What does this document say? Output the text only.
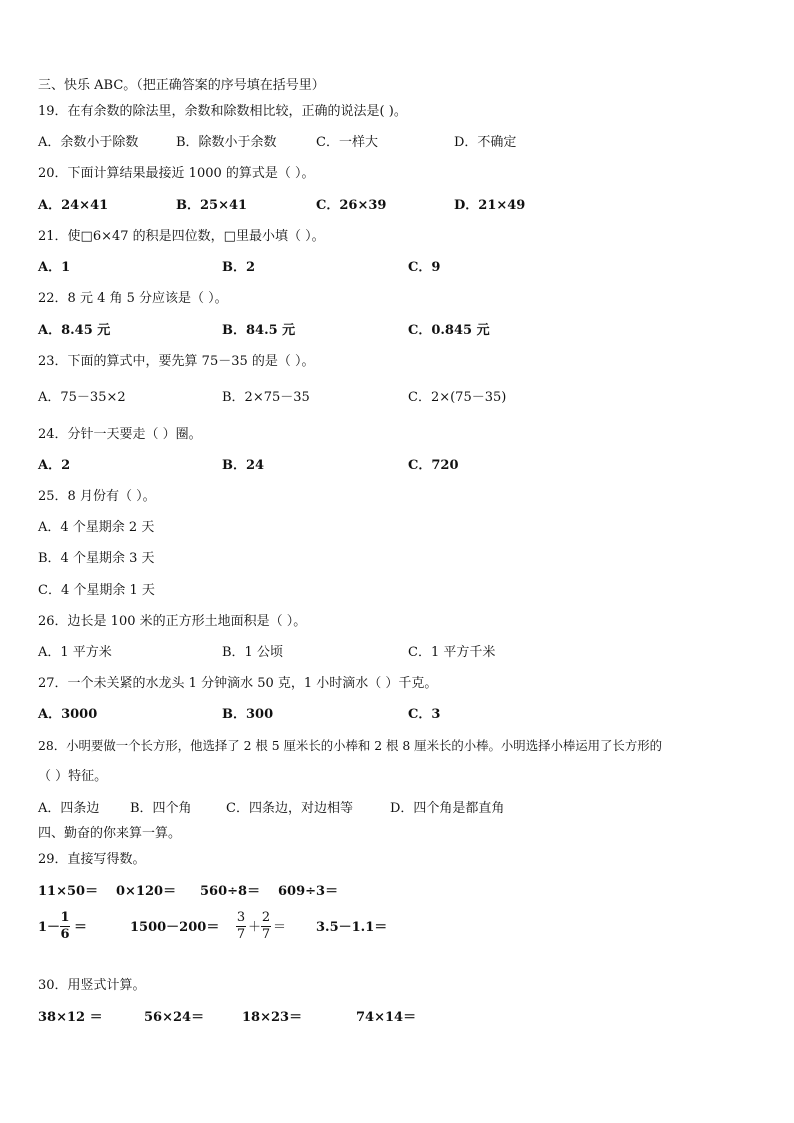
三、快乐 ABC。（把正确答案的序号填在括号里）
19．在有余数的除法里，余数和除数相比较，正确的说法是( )。
A．余数小于除数	B．除数小于余数	C．一样大	D．不确定
20．下面计算结果最接近 1000 的算式是（ ）。
A．24×41	B．25×41	C．26×39	D．21×49
21．使□6×47 的积是四位数，□里最小填（ ）。
A．1	B．2	C．9
22．8 元 4 角 5 分应该是（ ）。
A．8.45 元	B．84.5 元	C．0.845 元
23．下面的算式中，要先算 75－35 的是（ ）。
A．75－35×2	B．2×75－35	C．2×(75－35)
24．分针一天要走（ ）圈。
A．2	B．24	C．720
25．8 月份有（ ）。
A．4 个星期余 2 天
B．4 个星期余 3 天
C．4 个星期余 1 天
26．边长是 100 米的正方形土地面积是（ ）。
A．1 平方米	B．1 公顷	C．1 平方千米
27．一个未关紧的水龙头 1 分钟滴水 50 克，1 小时滴水（ ）千克。
A．3000	B．300	C．3
28．小明要做一个长方形，他选择了 2 根 5 厘米长的小棒和 2 根 8 厘米长的小棒。小明选择小棒运用了长方形的
（ ）特征。
A．四条边 B．四个角	C．四条边，对边相等	D．四个角是都直角
四、勤奋的你来算一算。
29．直接写得数。
11×50＝ 0×120＝ 560÷8＝ 609÷3＝
1－
1
6 ＝	1500－200＝
3
7 ＋
2
7 ＝ 3.5－1.1＝
30．用竖式计算。
38×12 ＝	56×24＝	18×23＝	74×14＝
